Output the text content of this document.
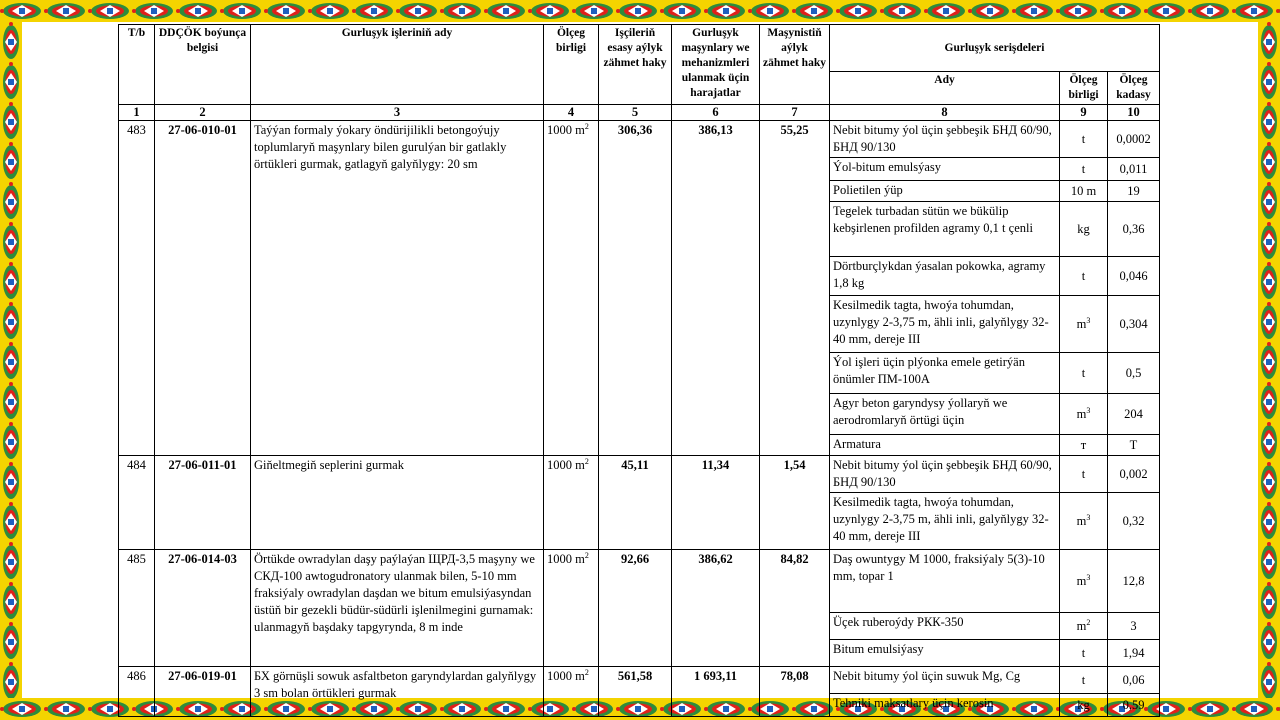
T/b	DDÇÖK boýunça belgisi	Gurluşyk işleriniň ady	Ölçeg birligi	Işçileriň esasy aýlyk zähmet haky	Gurluşyk maşynlary we mehanizmleri ulanmak üçin harajatlar	Maşynistiň aýlyk zähmet haky	Gurluşyk serişdeleri		
							Ady	Ölçeg birligi	Ölçeg kadasy
1	2	3	4	5	6	7	8	9	10
483	27-06-010-01	Taýýan formaly ýokary öndürijilikli betongoýujy toplumlaryň maşynlary bilen gurulýan bir gatlakly örtükleri gurmak, gatlagyň galyňlygy: 20 sm	1000 $m^2$	306,36	386,13	55,25	Nebit bitumy ýol üçin şebbeşik БНД 60/90, БНД 90/130	t	0,0002
							Ýol-bitum emulsýasy	t	0,011
							Polietilen ýüp	10 m	19
							Tegelek turbadan sütün we bükülip kebşirlenen profilden agramy 0,1 t çenli	kg	0,36
							Dörtburçlykdan ýasalan pokowka, agramy 1,8 kg	t	0,046
							Kesilmedik tagta, hwoýa tohumdan, uzynlygy 2-3,75 m, ähli inli, galyňlygy 32-40 mm, dereje III	$m^3$	0,304
							Ýol işleri üçin plýonka emele getirýän önümler ПМ-100А	t	0,5
							Agyr beton garyndysy ýollaryň we aerodromlaryň örtügi üçin	$m^3$	204
							Armatura	т	T
484	27-06-011-01	Giňeltmegiň seplerini gurmak	1000 $m^2$	45,11	11,34	1,54	Nebit bitumy ýol üçin şebbeşik БНД 60/90, БНД 90/130	t	0,002
							Kesilmedik tagta, hwoýa tohumdan, uzynlygy 2-3,75 m, ähli inli, galyňlygy 32-40 mm, dereje III	$m^3$	0,32
485	27-06-014-03	Örtükde owradylan daşy paýlaýan ЩРД-3,5 maşyny we СКД-100 awtogudronatory ulanmak bilen, 5-10 mm fraksiýaly owradylan daşdan we bitum emulsiýasyndan üstüň bir gezekli büdür-südürli işlenilmegini gurnamak: ulanmagyň başdaky tapgyrynda, 8 m inde	1000 $m^2$	92,66	386,62	84,82	Daş owuntygy M 1000, fraksiýaly 5(3)-10 mm, topar 1	$m^3$	12,8
							Üçek ruberoýdy РКК-350	$m^2$	3
							Bitum emulsiýasy	t	1,94
486	27-06-019-01	БХ görnüşli sowuk asfaltbeton garyndylardan galyňlygy 3 sm bolan örtükleri gurmak	1000 $m^2$	561,58	1 693,11	78,08	Nebit bitumy ýol üçin suwuk Mg, Cg	t	0,06
							Tehniki maksatlary üçin kerosin	kg	0,59
